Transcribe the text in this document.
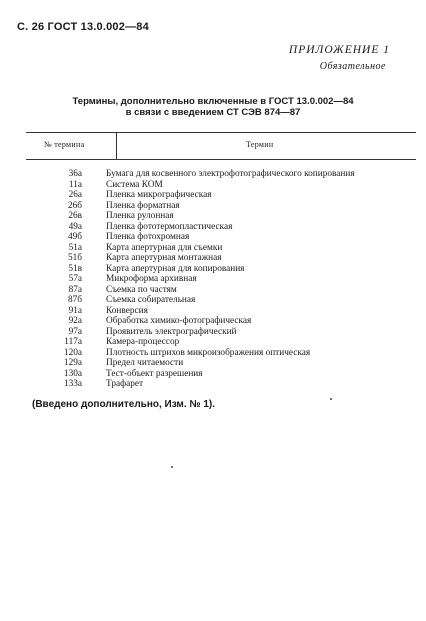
С. 26 ГОСТ 13.0.002—84
ПРИЛОЖЕНИЕ 1
Обязательное
Термины, дополнительно включенные в ГОСТ 13.0.002—84
в связи с введением СТ СЭВ 874—87
№ термина	Термин
36а	Бумага для косвенного электрофотографического копирования
11а	Система КОМ
26а	Пленка микрографическая
26б	Пленка форматная
26в	Пленка рулонная
49а	Пленка фототермопластическая
49б	Пленка фотохромная
51а	Карта апертурная для съемки
51б	Карта апертурная монтажная
51в	Карта апертурная для копирования
57а	Микроформа архивная
87а	Съемка по частям
87б	Съемка собирательная
91а	Конверсия
92а	Обработка химико-фотографическая
97а	Проявитель электрографический
117а	Камера-процессор
120а	Плотность штрихов микроизображения оптическая
129а	Предел читаемости
130а	Тест-объект разрешения
133а	Трафарет
(Введено дополнительно, Изм. № 1).
